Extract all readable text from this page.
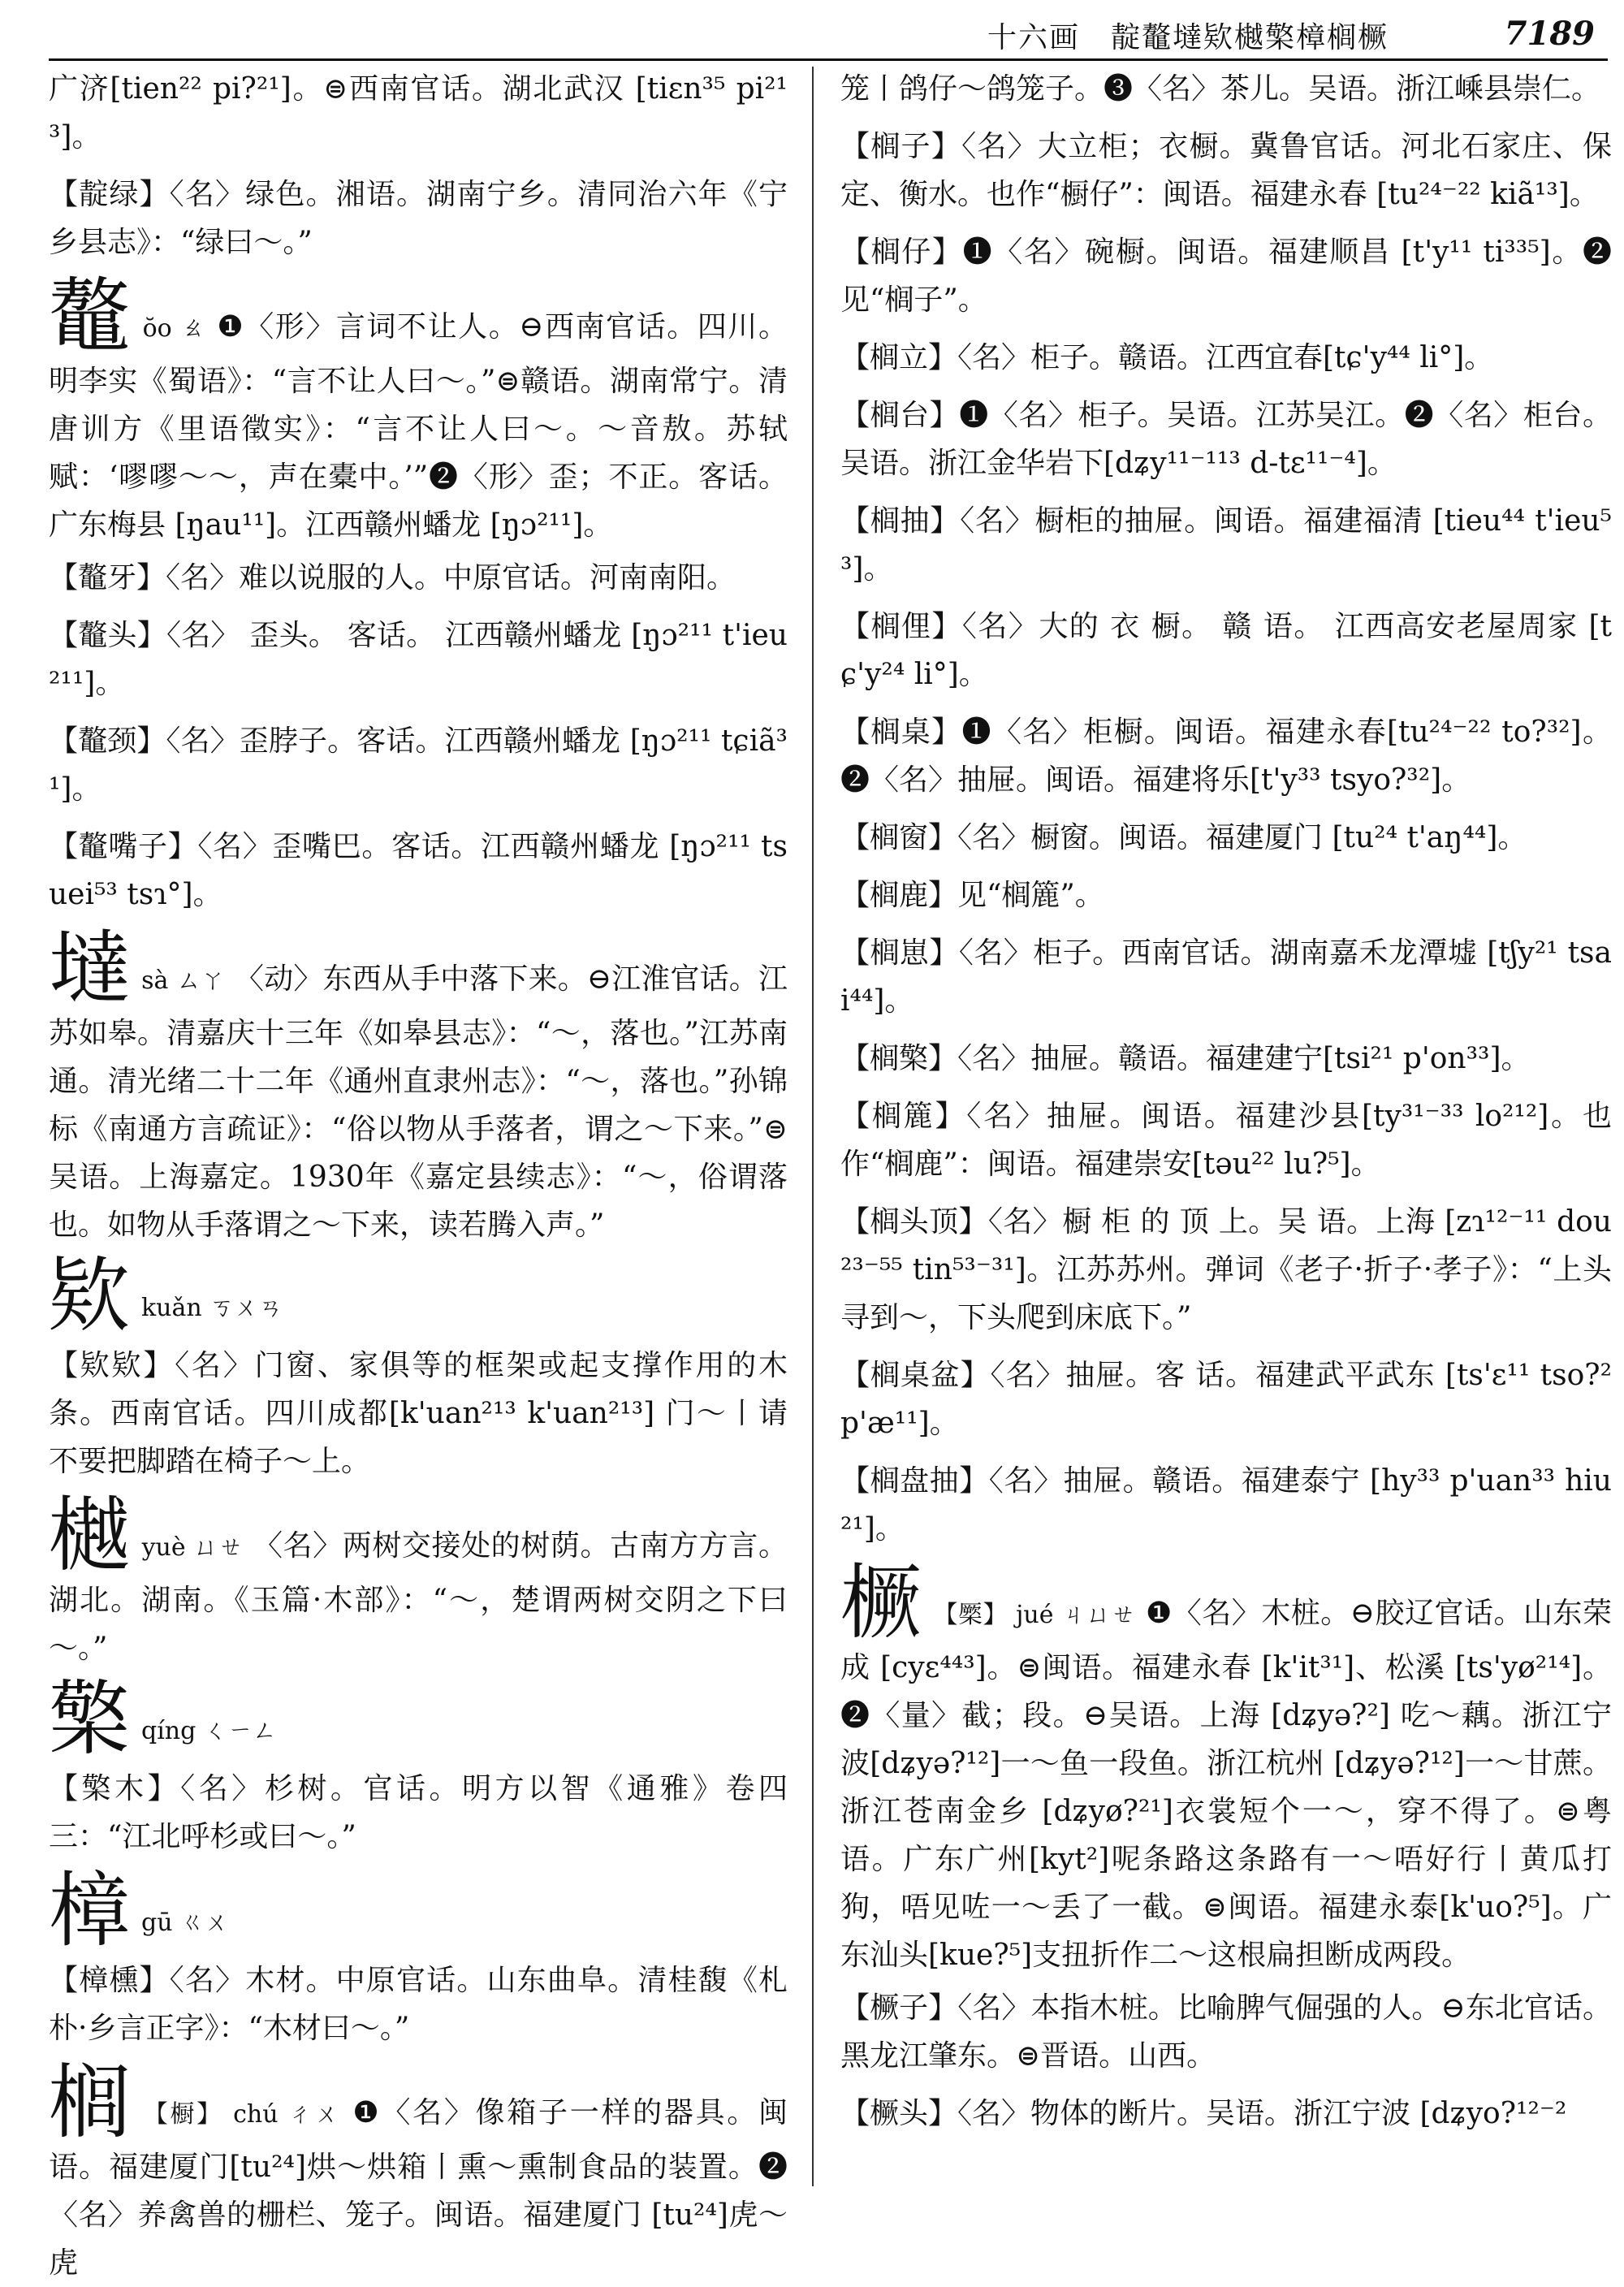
十六画　靛鼇墶欵樾檠樟榈橛	7189

广济[tien²² pi?²¹]。⊜西南官话。湖北武汉 [tiɛn³⁵ pi²¹³]。

【靛绿】〈名〉绿色。湘语。湖南宁乡。清同治六年《宁乡县志》：“绿曰～。”

鼇ŏo ㄠ ❶〈形〉言词不让人。⊖西南官话。四川。明李实《蜀语》：“言不让人曰～。”⊜赣语。湖南常宁。清唐训方《里语徵实》：“言不让人曰～。～音敖。苏轼赋：‘嘐嘐～～，声在橐中。’”❷〈形〉歪；不正。客话。广东梅县 [ŋau¹¹]。江西赣州蟠龙 [ŋɔ²¹¹]。

【鼇牙】〈名〉难以说服的人。中原官话。河南南阳。

【鼇头】〈名〉 歪头。 客话。 江西赣州蟠龙 [ŋɔ²¹¹ t'ieu²¹¹]。

【鼇颈】〈名〉歪脖子。客话。江西赣州蟠龙 [ŋɔ²¹¹ tɕiã³¹]。

【鼇嘴子】〈名〉歪嘴巴。客话。江西赣州蟠龙 [ŋɔ²¹¹ tsuei⁵³ tsɿ°]。

墶sà ㄙㄚ 〈动〉东西从手中落下来。⊖江淮官话。江苏如皋。清嘉庆十三年《如皋县志》：“～，落也。”江苏南通。清光绪二十二年《通州直隶州志》：“～，落也。”孙锦标《南通方言疏证》：“俗以物从手落者，谓之～下来。”⊜吴语。上海嘉定。1930年《嘉定县续志》：“～，俗谓落也。如物从手落谓之～下来，读若腾入声。”

欵kuǎn ㄎㄨㄢ

【欵欵】〈名〉门窗、家俱等的框架或起支撑作用的木条。西南官话。四川成都[k'uan²¹³ k'uan²¹³] 门～丨请不要把脚踏在椅子～上。

樾yuè ㄩㄝ 〈名〉两树交接处的树荫。古南方方言。湖北。湖南。《玉篇·木部》：“～，楚谓两树交阴之下曰～。”

檠qíng ㄑㄧㄥ

【檠木】〈名〉杉树。官话。明方以智《通雅》卷四三：“江北呼杉或曰～。”

樟gū ㄍㄨ

【樟櫄】〈名〉木材。中原官话。山东曲阜。清桂馥《札朴·乡言正字》：“木材曰～。”

榈 【橱】 chú ㄔㄨ ❶〈名〉像箱子一样的器具。闽语。福建厦门[tu²⁴]烘～烘箱丨熏～熏制食品的装置。❷〈名〉养禽兽的栅栏、笼子。闽语。福建厦门 [tu²⁴]虎～虎

笼丨鸽仔～鸽笼子。❸〈名〉茶儿。吴语。浙江嵊县崇仁。

【榈子】〈名〉大立柜；衣橱。冀鲁官话。河北石家庄、保定、衡水。也作“橱仔”：闽语。福建永春 [tu²⁴⁻²² kiã¹³]。

【榈仔】❶〈名〉碗橱。闽语。福建顺昌 [t'y¹¹ ti³³⁵]。❷见“榈子”。

【榈立】〈名〉柜子。赣语。江西宜春[tɕ'y⁴⁴ li°]。

【榈台】❶〈名〉柜子。吴语。江苏吴江。❷〈名〉柜台。吴语。浙江金华岩下[dʑy¹¹⁻¹¹³ d-tɛ¹¹⁻⁴]。

【榈抽】〈名〉橱柜的抽屉。闽语。福建福清 [tieu⁴⁴ t'ieu⁵³]。

【榈俚】〈名〉大的 衣 橱。 赣 语。 江西高安老屋周家 [tɕ'y²⁴ li°]。

【榈桌】❶〈名〉柜橱。闽语。福建永春[tu²⁴⁻²² to?³²]。❷〈名〉抽屉。闽语。福建将乐[t'y³³ tsyo?³²]。

【榈窗】〈名〉橱窗。闽语。福建厦门 [tu²⁴ t'aŋ⁴⁴]。

【榈鹿】见“榈簏”。

【榈崽】〈名〉柜子。西南官话。湖南嘉禾龙潭墟 [tʃy²¹ tsai⁴⁴]。

【榈檠】〈名〉抽屉。赣语。福建建宁[tsi²¹ p'on³³]。

【榈簏】〈名〉抽屉。闽语。福建沙县[ty³¹⁻³³ lo²¹²]。也作“榈鹿”：闽语。福建崇安[təu²² lu?⁵]。

【榈头顶】〈名〉橱 柜 的 顶 上。吴 语。上海 [zɿ¹²⁻¹¹ dou²³⁻⁵⁵ tin⁵³⁻³¹]。江苏苏州。弹词《老子·折子·孝子》：“上头寻到～，下头爬到床底下。”

【榈桌盆】〈名〉抽屉。客 话。福建武平武东 [ts'ɛ¹¹ tso?² p'æ¹¹]。

【榈盘抽】〈名〉抽屉。赣语。福建泰宁 [hy³³ p'uan³³ hiu²¹]。

橛 【橜】 jué ㄐㄩㄝ ❶〈名〉木桩。⊖胶辽官话。山东荣成 [cyɛ⁴⁴³]。⊜闽语。福建永春 [k'it³¹]、松溪 [ts'yø²¹⁴]。❷〈量〉截；段。⊖吴语。上海 [dʑyə?²] 吃～藕。浙江宁波[dʑyə?¹²]一～鱼一段鱼。浙江杭州 [dʑyə?¹²]一～甘蔗。浙江苍南金乡 [dʑyø?²¹]衣裳短个一～，穿不得了。⊜粤语。广东广州[kyt²]呢条路这条路有一～唔好行丨黄瓜打狗，唔见咗一～丢了一截。⊜闽语。福建永泰[k'uo?⁵]。广东汕头[kue?⁵]支扭折作二～这根扁担断成两段。

【橛子】〈名〉本指木桩。比喻脾气倔强的人。⊖东北官话。黑龙江肇东。⊜晋语。山西。

【橛头】〈名〉物体的断片。吴语。浙江宁波 [dʑyo?¹²⁻²
